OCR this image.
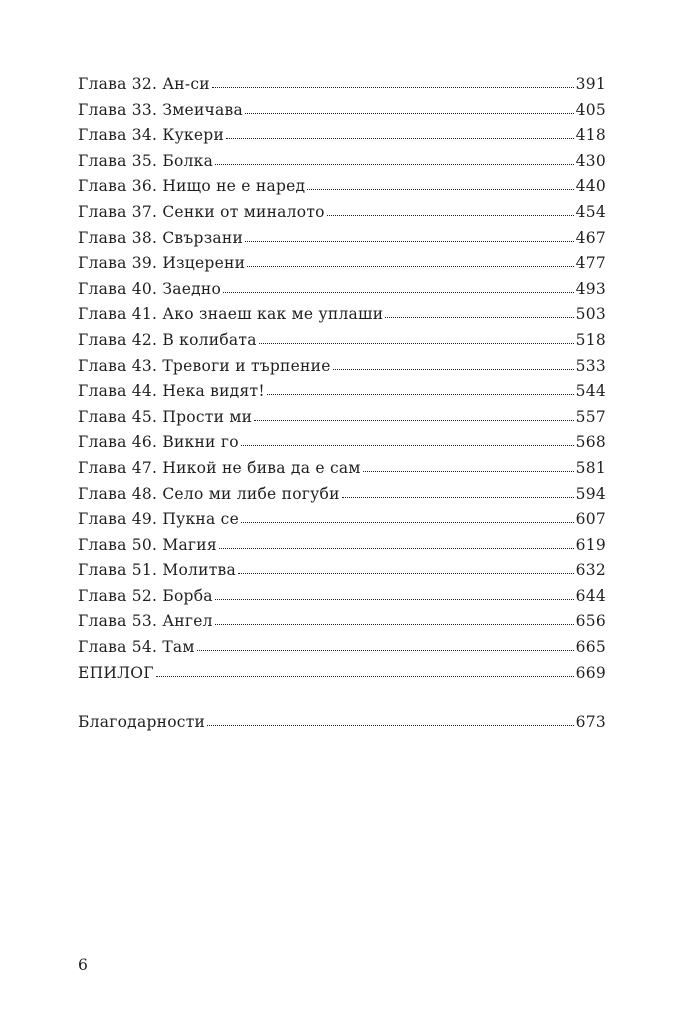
Глава 32. Ан-си	391
Глава 33. Змеичава	405
Глава 34. Кукери	418
Глава 35. Болка	430
Глава 36. Нищо не е наред	440
Глава 37. Сенки от миналото	454
Глава 38. Свързани	467
Глава 39. Изцерени	477
Глава 40. Заедно	493
Глава 41. Ако знаеш как ме уплаши	503
Глава 42. В колибата	518
Глава 43. Тревоги и търпение	533
Глава 44. Нека видят!	544
Глава 45. Прости ми	557
Глава 46. Викни го	568
Глава 47. Никой не бива да е сам	581
Глава 48. Село ми либе погуби	594
Глава 49. Пукна се	607
Глава 50. Магия	619
Глава 51. Молитва	632
Глава 52. Борба	644
Глава 53. Ангел	656
Глава 54. Там	665
ЕПИЛОГ	669
Благодарности	673
6
